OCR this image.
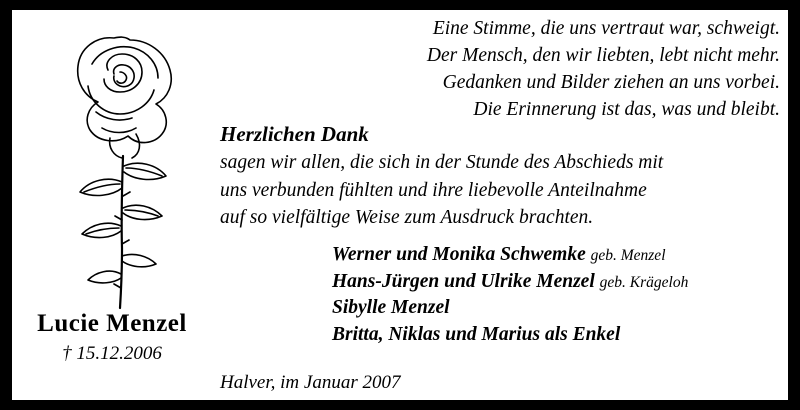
Lucie Menzel
† 15.12.2006
Eine Stimme, die uns vertraut war, schweigt.
Der Mensch, den wir liebten, lebt nicht mehr.
Gedanken und Bilder ziehen an uns vorbei.
Die Erinnerung ist das, was und bleibt.
Herzlichen Dank
sagen wir allen, die sich in der Stunde des Abschieds mit
uns verbunden fühlten und ihre liebevolle Anteilnahme
auf so vielfältige Weise zum Ausdruck brachten.
Werner und Monika Schwemke geb. Menzel
Hans-Jürgen und Ulrike Menzel geb. Krägeloh
Sibylle Menzel
Britta, Niklas und Marius als Enkel
Halver, im Januar 2007
